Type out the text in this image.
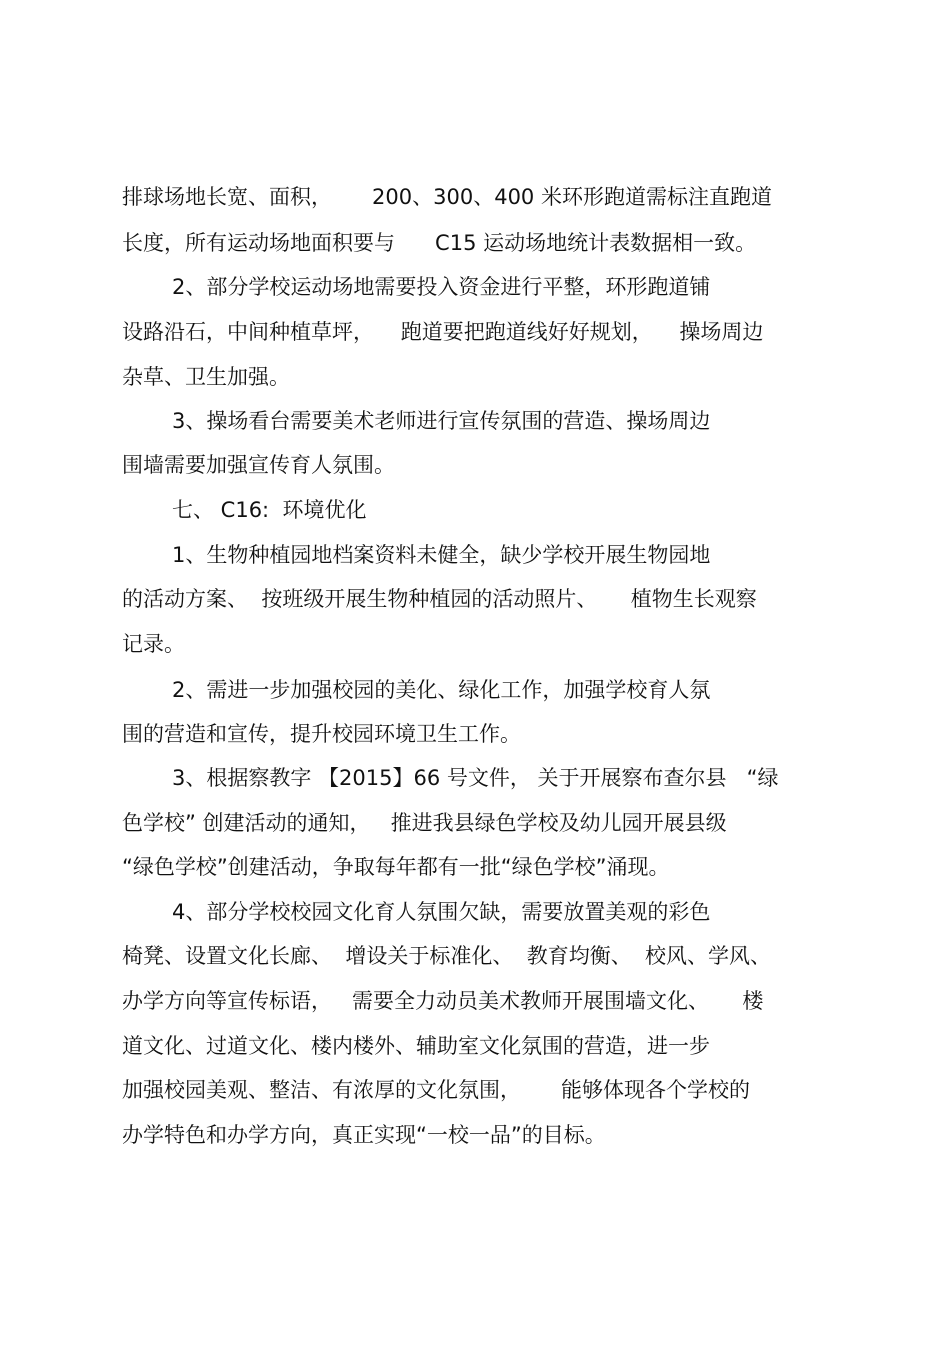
排球场地长宽、面积，      200、300、400 米环形跑道需标注直跑道
长度，所有运动场地面积要与      C15 运动场地统计表数据相一致。
2、部分学校运动场地需要投入资金进行平整，环形跑道铺
设路沿石，中间种植草坪，    跑道要把跑道线好好规划，    操场周边
杂草、卫生加强。
3、操场看台需要美术老师进行宣传氛围的营造、操场周边
围墙需要加强宣传育人氛围。
七、 C16:  环境优化
1、生物种植园地档案资料未健全，缺少学校开展生物园地
的活动方案、  按班级开展生物种植园的活动照片、     植物生长观察
记录。
2、需进一步加强校园的美化、绿化工作，加强学校育人氛
围的营造和宣传，提升校园环境卫生工作。
3、根据察教字 【2015】66 号文件， 关于开展察布查尔县   “绿
色学校” 创建活动的通知，   推进我县绿色学校及幼儿园开展县级
“绿色学校”创建活动，争取每年都有一批“绿色学校”涌现。
4、部分学校校园文化育人氛围欠缺，需要放置美观的彩色
椅凳、设置文化长廊、  增设关于标准化、  教育均衡、  校风、学风、
办学方向等宣传标语，   需要全力动员美术教师开展围墙文化、     楼
道文化、过道文化、楼内楼外、辅助室文化氛围的营造，进一步
加强校园美观、整洁、有浓厚的文化氛围，      能够体现各个学校的
办学特色和办学方向，真正实现“一校一品”的目标。
